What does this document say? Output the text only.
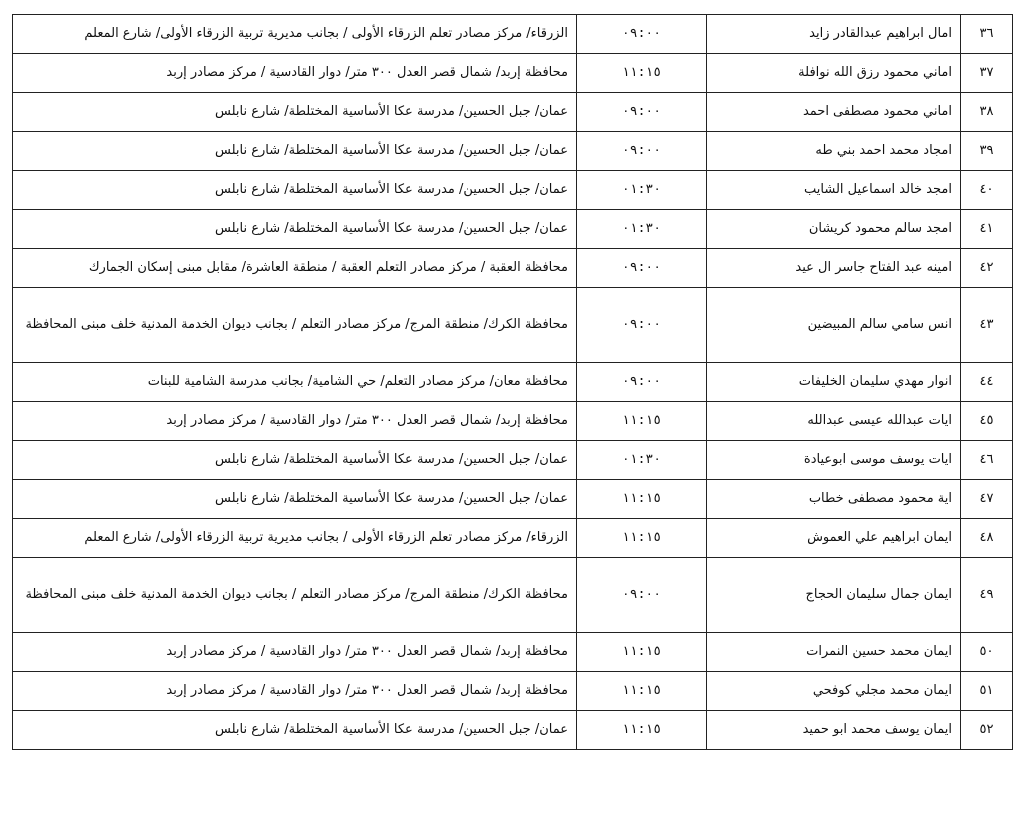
٣٦	امال ابراهيم عبدالقادر زايد	٠٩:٠٠	الزرقاء/ مركز مصادر تعلم الزرقاء الأولى / بجانب مديرية تربية الزرقاء الأولى/ شارع المعلم
٣٧	اماني محمود رزق الله نوافلة	١١:١٥	محافظة إربد/ شمال قصر العدل ٣٠٠ متر/ دوار القادسية / مركز مصادر إربد
٣٨	اماني محمود مصطفى احمد	٠٩:٠٠	عمان/ جبل الحسين/ مدرسة عكا الأساسية المختلطة/ شارع نابلس
٣٩	امجاد محمد احمد بني طه	٠٩:٠٠	عمان/ جبل الحسين/ مدرسة عكا الأساسية المختلطة/ شارع نابلس
٤٠	امجد خالد اسماعيل الشايب	٠١:٣٠	عمان/ جبل الحسين/ مدرسة عكا الأساسية المختلطة/ شارع نابلس
٤١	امجد سالم محمود كريشان	٠١:٣٠	عمان/ جبل الحسين/ مدرسة عكا الأساسية المختلطة/ شارع نابلس
٤٢	امينه عبد الفتاح جاسر ال عيد	٠٩:٠٠	محافظة العقبة / مركز مصادر التعلم العقبة / منطقة العاشرة/ مقابل مبنى إسكان الجمارك
٤٣	انس سامي سالم المبيضين	٠٩:٠٠	محافظة الكرك/ منطقة المرج/ مركز مصادر التعلم / بجانب ديوان الخدمة المدنية خلف مبنى المحافظة
٤٤	انوار مهدي سليمان الخليفات	٠٩:٠٠	محافظة معان/ مركز مصادر التعلم/ حي الشامية/ بجانب مدرسة الشامية للبنات
٤٥	ايات عبدالله عيسى عبدالله	١١:١٥	محافظة إربد/ شمال قصر العدل ٣٠٠ متر/ دوار القادسية / مركز مصادر إربد
٤٦	ايات يوسف موسى ابوعيادة	٠١:٣٠	عمان/ جبل الحسين/ مدرسة عكا الأساسية المختلطة/ شارع نابلس
٤٧	اية محمود مصطفى خطاب	١١:١٥	عمان/ جبل الحسين/ مدرسة عكا الأساسية المختلطة/ شارع نابلس
٤٨	ايمان ابراهيم علي العموش	١١:١٥	الزرقاء/ مركز مصادر تعلم الزرقاء الأولى / بجانب مديرية تربية الزرقاء الأولى/ شارع المعلم
٤٩	ايمان جمال سليمان الحجاج	٠٩:٠٠	محافظة الكرك/ منطقة المرج/ مركز مصادر التعلم / بجانب ديوان الخدمة المدنية خلف مبنى المحافظة
٥٠	ايمان محمد حسين النمرات	١١:١٥	محافظة إربد/ شمال قصر العدل ٣٠٠ متر/ دوار القادسية / مركز مصادر إربد
٥١	ايمان محمد مجلي كوفحي	١١:١٥	محافظة إربد/ شمال قصر العدل ٣٠٠ متر/ دوار القادسية / مركز مصادر إربد
٥٢	ايمان يوسف محمد ابو حميد	١١:١٥	عمان/ جبل الحسين/ مدرسة عكا الأساسية المختلطة/ شارع نابلس
